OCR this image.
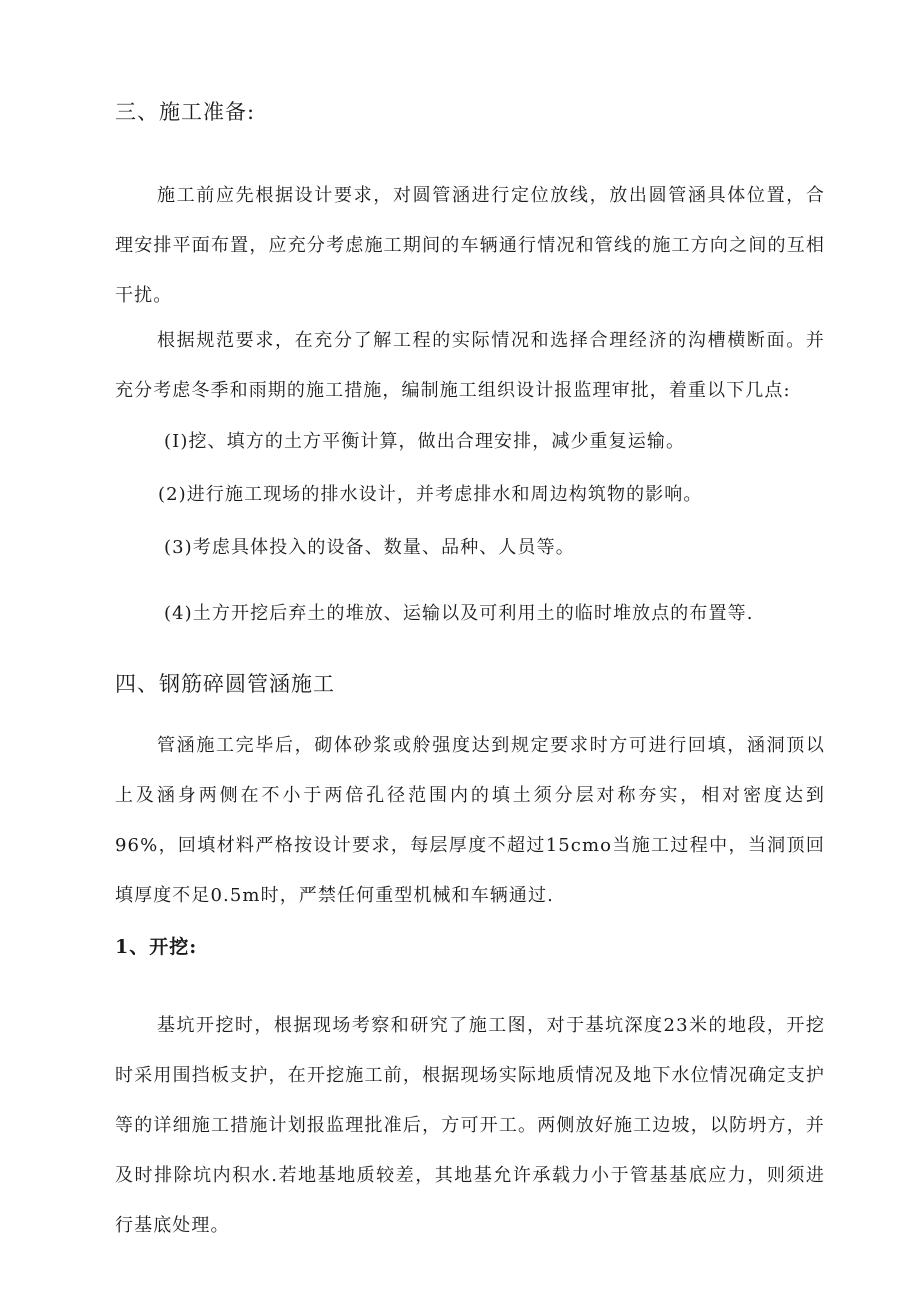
三、施工准备:
施工前应先根据设计要求，对圆管涵进行定位放线，放出圆管涵具体位置，合理安排平面布置，应充分考虑施工期间的车辆通行情况和管线的施工方向之间的互相干扰。
根据规范要求，在充分了解工程的实际情况和选择合理经济的沟槽横断面。并充分考虑冬季和雨期的施工措施，编制施工组织设计报监理审批，着重以下几点:
(I)挖、填方的土方平衡计算，做出合理安排，减少重复运输。
(2)进行施工现场的排水设计，并考虑排水和周边构筑物的影响。
(3)考虑具体投入的设备、数量、品种、人员等。
(4)土方开挖后弃土的堆放、运输以及可利用土的临时堆放点的布置等.
四、钢筋碎圆管涵施工
管涵施工完毕后，砌体砂浆或舲强度达到规定要求时方可进行回填，涵洞顶以上及涵身两侧在不小于两倍孔径范围内的填土须分层对称夯实，相对密度达到96%，回填材料严格按设计要求，每层厚度不超过15cmo当施工过程中，当洞顶回填厚度不足0.5m时，严禁任何重型机械和车辆通过.
1、开挖:
基坑开挖时，根据现场考察和研究了施工图，对于基坑深度23米的地段，开挖时采用围挡板支护，在开挖施工前，根据现场实际地质情况及地下水位情况确定支护等的详细施工措施计划报监理批准后，方可开工。两侧放好施工边坡，以防坍方，并及时排除坑内积水.若地基地质较差，其地基允许承载力小于管基基底应力，则须进行基底处理。
